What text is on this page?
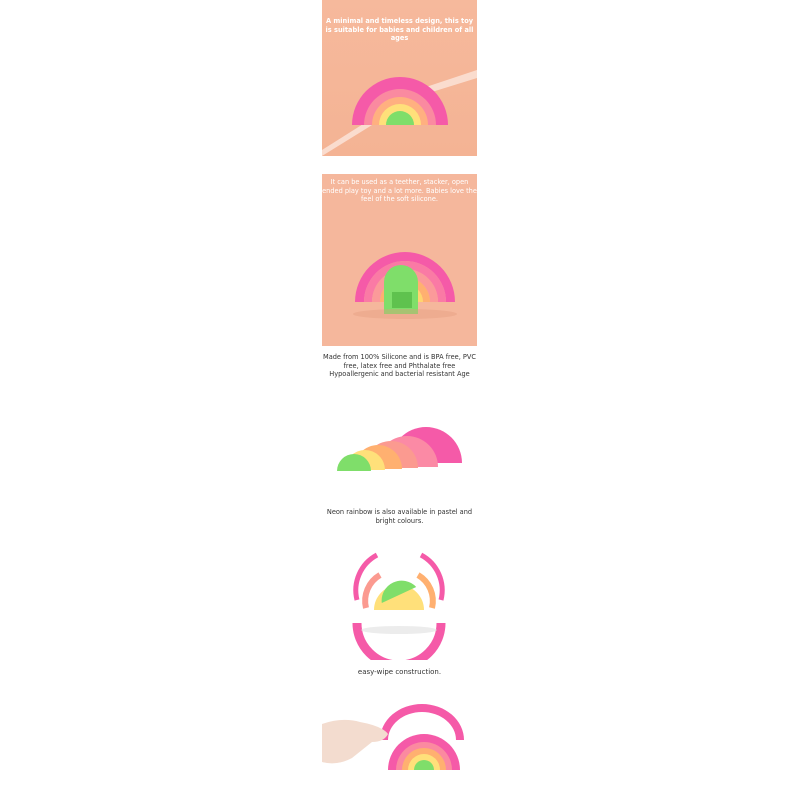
A minimal and timeless design, this toy is suitable for babies and children of all ages
It can be used as a teether, stacker, open ended play toy and a lot more. Babies love the feel of the soft silicone.
Made from 100% Silicone and is BPA free, PVC free, latex free and Phthalate free Hypoallergenic and bacterial resistant Age
Neon rainbow is also available in pastel and bright colours.
easy-wipe construction.
